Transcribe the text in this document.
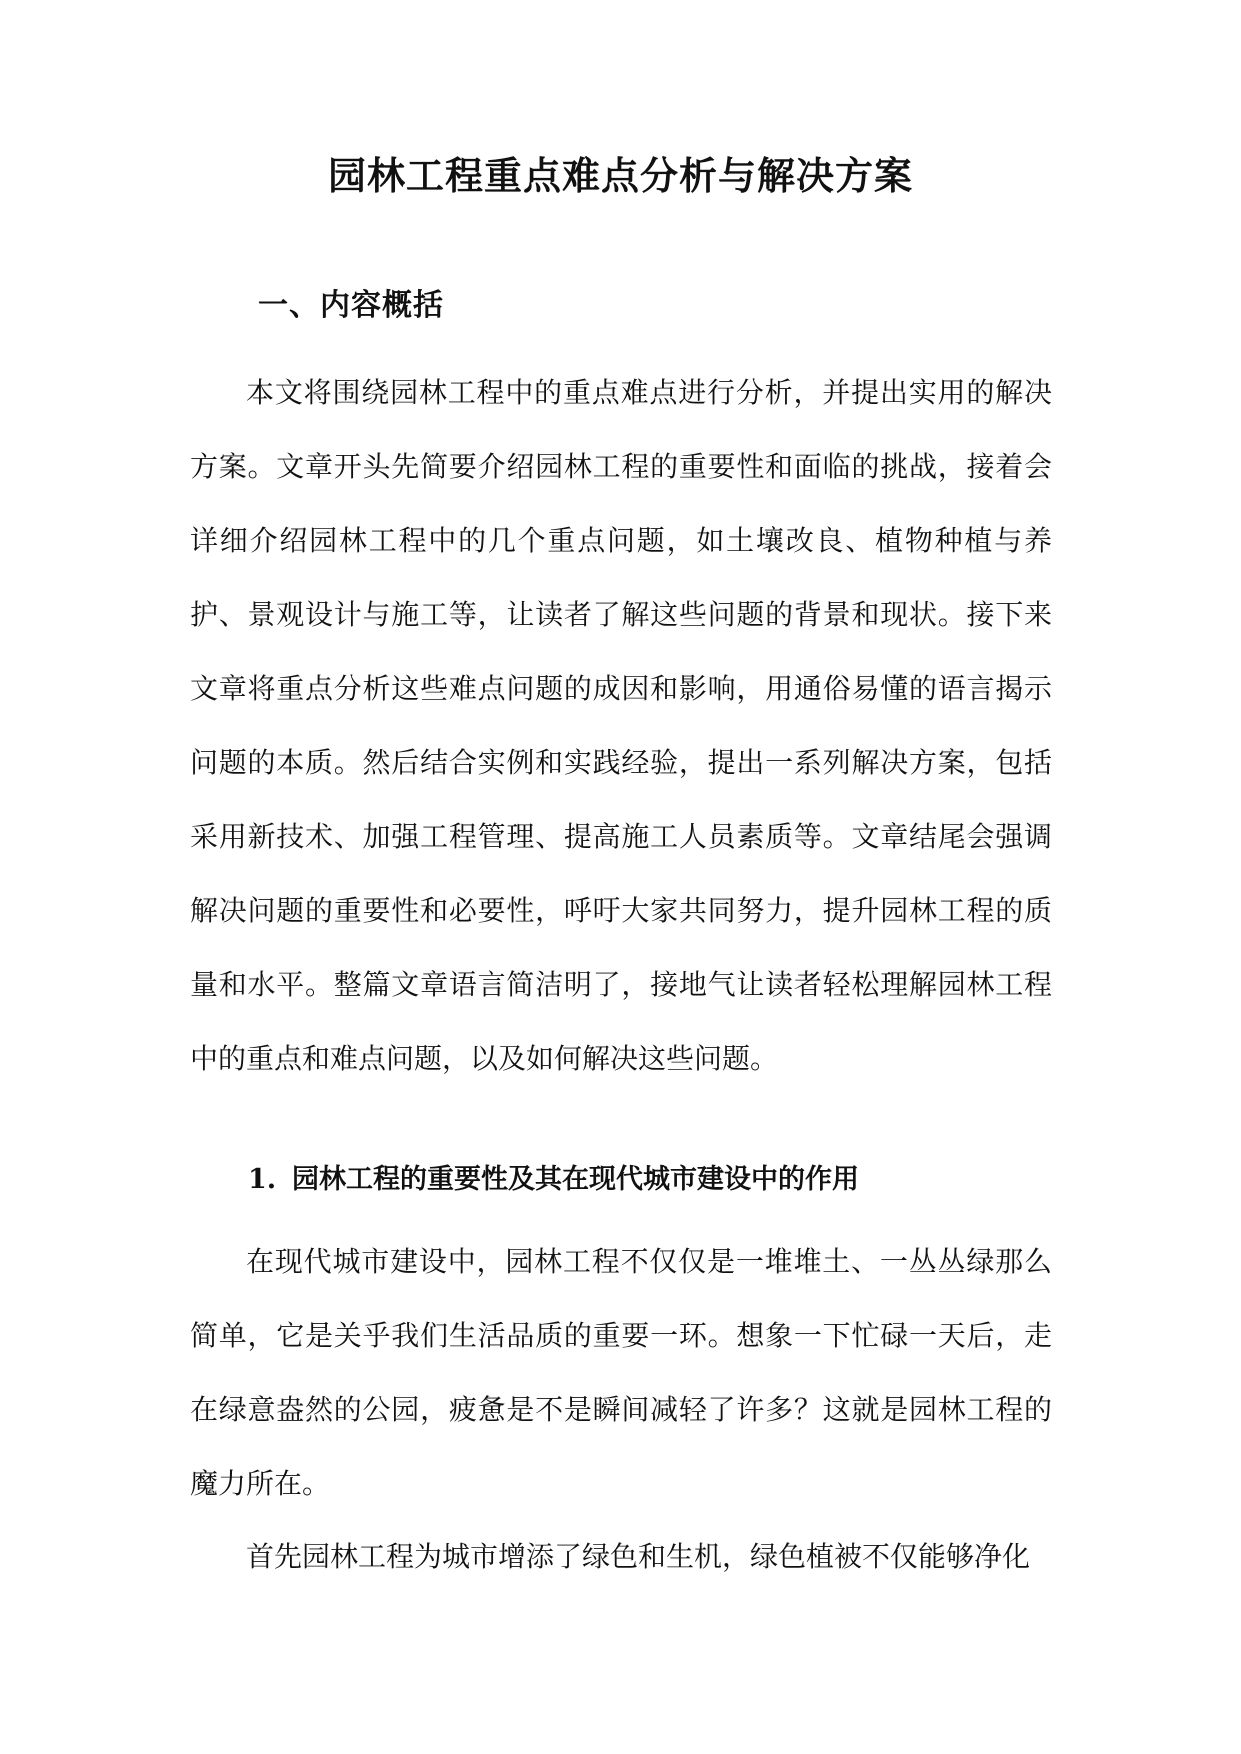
园林工程重点难点分析与解决方案
一、内容概括

本文将围绕园林工程中的重点难点进行分析，并提出实用的解决方案。文章开头先简要介绍园林工程的重要性和面临的挑战，接着会详细介绍园林工程中的几个重点问题，如土壤改良、植物种植与养护、景观设计与施工等，让读者了解这些问题的背景和现状。接下来文章将重点分析这些难点问题的成因和影响，用通俗易懂的语言揭示问题的本质。然后结合实例和实践经验，提出一系列解决方案，包括采用新技术、加强工程管理、提高施工人员素质等。文章结尾会强调解决问题的重要性和必要性，呼吁大家共同努力，提升园林工程的质量和水平。整篇文章语言简洁明了，接地气让读者轻松理解园林工程中的重点和难点问题，以及如何解决这些问题。

1. 园林工程的重要性及其在现代城市建设中的作用

在现代城市建设中，园林工程不仅仅是一堆堆土、一丛丛绿那么简单，它是关乎我们生活品质的重要一环。想象一下忙碌一天后，走在绿意盎然的公园，疲惫是不是瞬间减轻了许多？这就是园林工程的魔力所在。

首先园林工程为城市增添了绿色和生机，绿色植被不仅能够净化
